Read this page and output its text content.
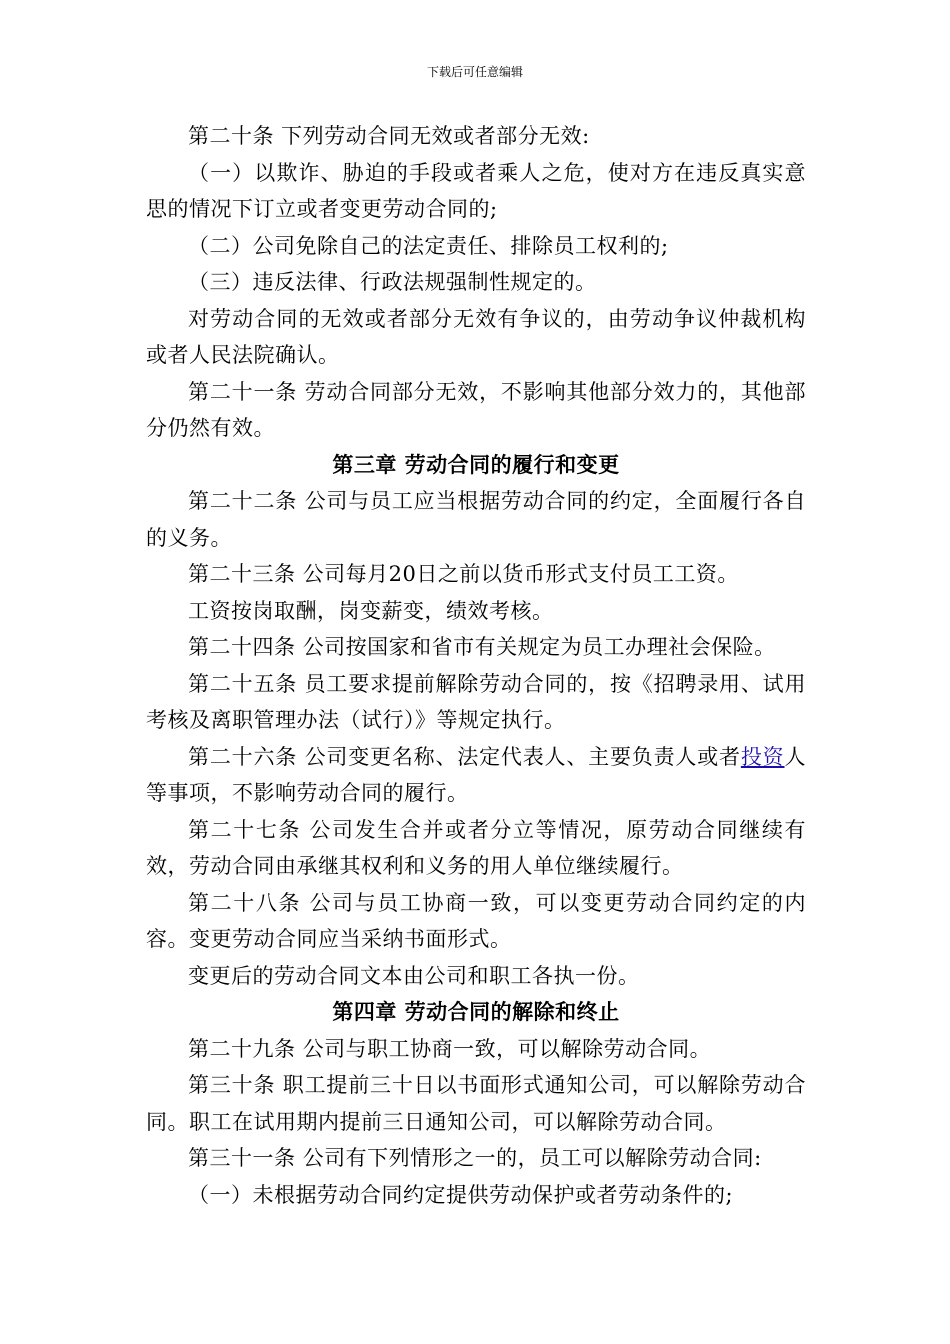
下载后可任意编辑

第二十条 下列劳动合同无效或者部分无效:

（一）以欺诈、胁迫的手段或者乘人之危，使对方在违反真实意思的情况下订立或者变更劳动合同的;

（二）公司免除自己的法定责任、排除员工权利的;

（三）违反法律、行政法规强制性规定的。

对劳动合同的无效或者部分无效有争议的，由劳动争议仲裁机构或者人民法院确认。

第二十一条 劳动合同部分无效，不影响其他部分效力的，其他部分仍然有效。

第三章 劳动合同的履行和变更

第二十二条 公司与员工应当根据劳动合同的约定，全面履行各自的义务。

第二十三条 公司每月20日之前以货币形式支付员工工资。

工资按岗取酬，岗变薪变，绩效考核。

第二十四条 公司按国家和省市有关规定为员工办理社会保险。

第二十五条 员工要求提前解除劳动合同的，按《招聘录用、试用考核及离职管理办法（试行）》等规定执行。

第二十六条 公司变更名称、法定代表人、主要负责人或者投资人等事项，不影响劳动合同的履行。

第二十七条 公司发生合并或者分立等情况，原劳动合同继续有效，劳动合同由承继其权利和义务的用人单位继续履行。

第二十八条 公司与员工协商一致，可以变更劳动合同约定的内容。变更劳动合同应当采纳书面形式。

变更后的劳动合同文本由公司和职工各执一份。

第四章 劳动合同的解除和终止

第二十九条 公司与职工协商一致，可以解除劳动合同。

第三十条 职工提前三十日以书面形式通知公司，可以解除劳动合同。职工在试用期内提前三日通知公司，可以解除劳动合同。

第三十一条 公司有下列情形之一的，员工可以解除劳动合同:

（一）未根据劳动合同约定提供劳动保护或者劳动条件的;
